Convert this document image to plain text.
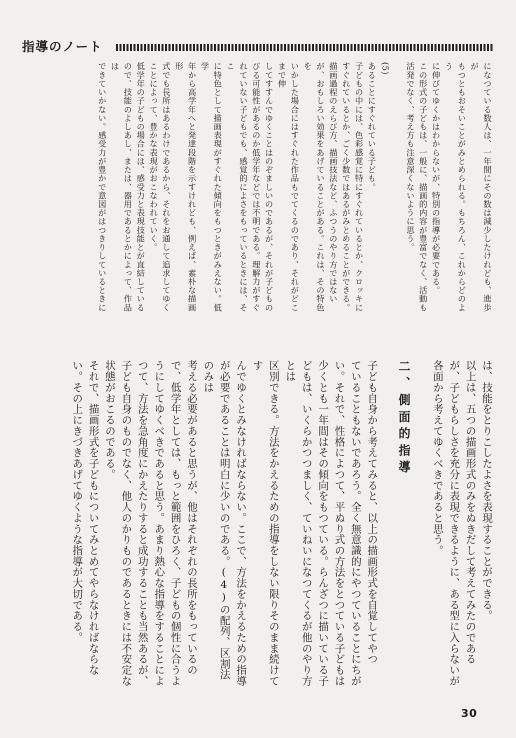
指導のノート

になつている数人は、一年間にその数は減少したけれども、進歩が

もつともおそいことがみとめられる。もちろん、これからどのよう

に伸びてゆくかはわからないが、特別の指導が必要である。

この形式の子どもは、一般に、描画的内容が豊富でなく、活動も

活発でなく、考え方も注意深くないように思う。

(5)

あることにすぐれている子ども。

子どもの中には、色彩感覚に特にすぐれているとか、クロッキに

すぐれているとか、ごく少数ではあるがみとめることができる。

描画過程のえらび方、描画技法など、ふつうのやり方ではない

が、おもしろい効果をあげていることがある。これは、その特色を

いかした場合にはすぐれた作品もでてくるのであり、それがどこまで伸

してすすんでゆくことはのぞましいのであるが、それが子どもの

びる可能性があるのか低学年などでは不明である。理解力がすぐ

れていない子どもでも、感覚的によさをもっているときには、そこ

に特色として描画表現がすぐれた傾向をもつときがみえない。低学

年から高学年へと発達段階を示すけれども、例えば、素朴な描画形

式でも長所はあるわけであるから、それをお通して追求してゆく

ことによって、豊かな表現がおこなわれていく。

低学年の子どもの場合には、感受力と表現技能とが直結している

ので、技能のよしあし、または、器用であるとかによって、作品は

できていかない。感受力が豊かで意図がはつきりしているときに

は、技能をとりこしたよさを表現することができる。

以上は、五つの描画形式のみをぬきだして考えてみたのである

が、子どもらしさを充分に表現できるように、ある型に入らないが

各面から考えてゆくべきであると思う。

二、側面的指導

子ども自身から考えてみると、以上の描画形式を自覚してやつ

ていることもないであろう。全く無意識的にやつていることにちが

い。それで、性格によつて、平ぬり式の方法をとつている子どもは

少くとも一年間はその傾向をもつている。らんざつに描いている子

どもは、いくらかつつましく、ていねいになつてくるが他のやり方とは

区別できる。方法をかえるための指導をしない限りそのまま続けてす

んでゆくとみなければならない。ここで、方法をかえるための指導

が必要であることは明白に少いのである。(4)の配列、区割法のみは

考える必要があると思うが、他はそれぞれの長所をもっているの

で、低学年としては、もっと範囲をひろく、子どもの個性に合うよ

うにしてゆくべきであると思う。あまり熱心な指導をすることによ

つて、方法を急角度にかえたりすると成功することも当然あるが、

子ども自身のものでなく、他人のかりものであるときには不安定な

状態がおこるのである。

それで、描画形式を子どもについてみとめてやらなければならな

い。その上にきづきあげてゆくような指導が大切である。

30
